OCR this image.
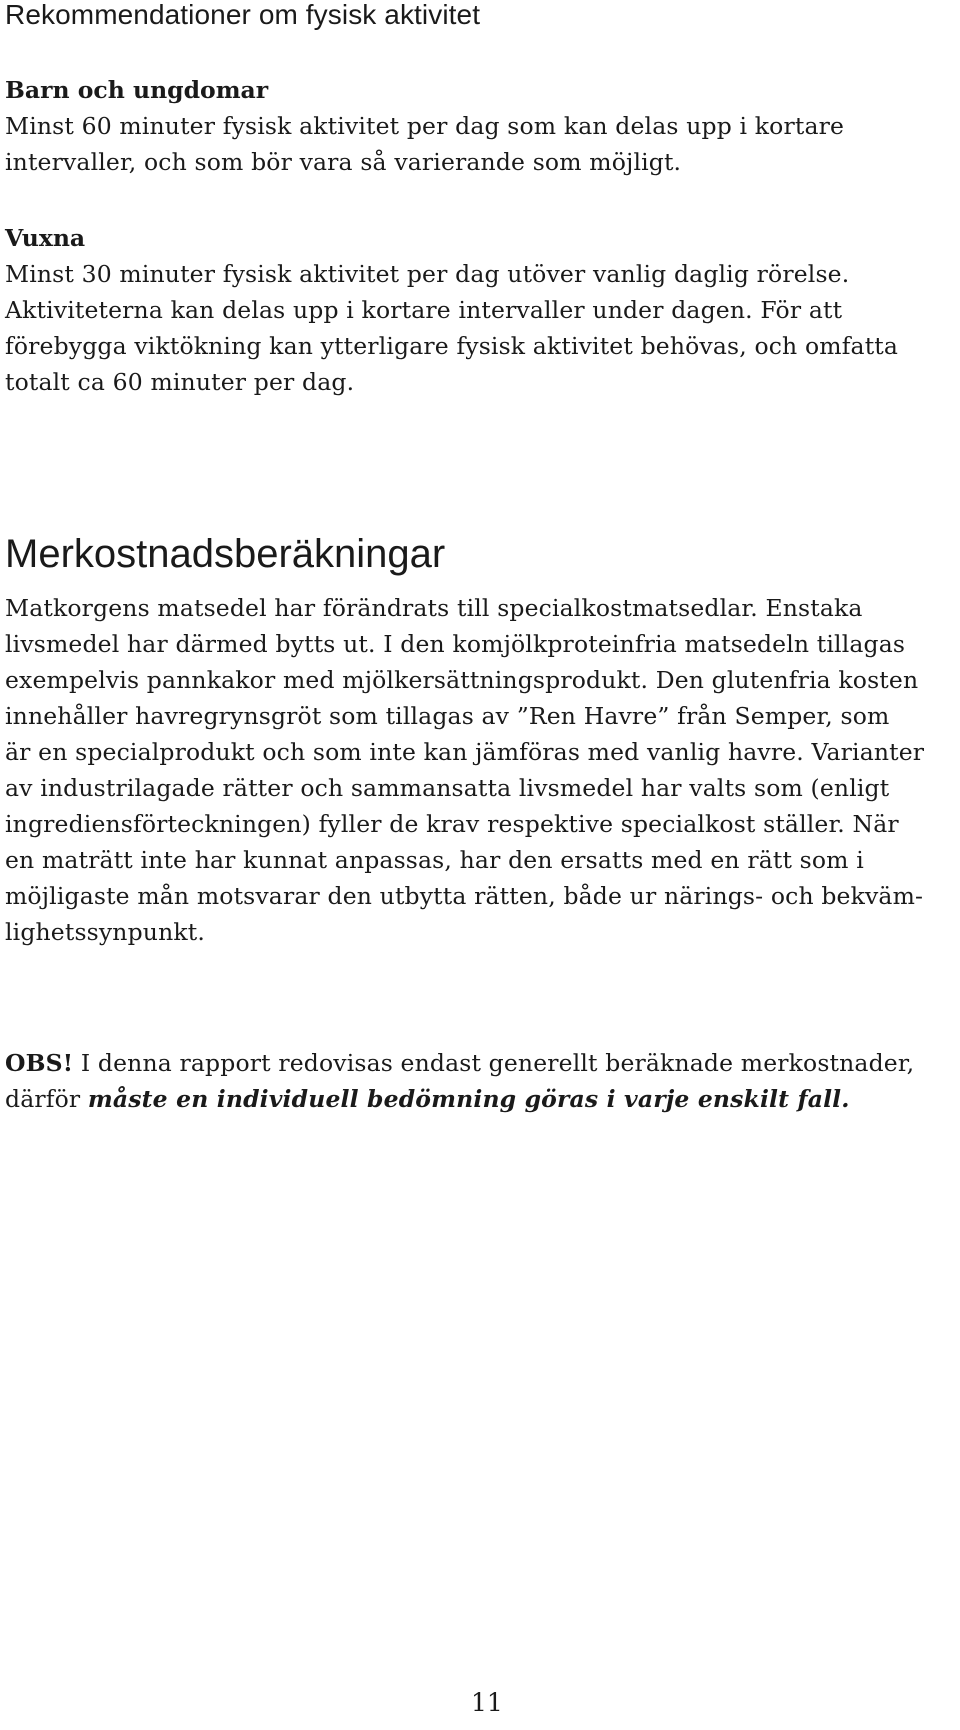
Rekommendationer om fysisk aktivitet

Barn och ungdomar

Minst 60 minuter fysisk aktivitet per dag som kan delas upp i kortare
intervaller, och som bör vara så varierande som möjligt.

Vuxna

Minst 30 minuter fysisk aktivitet per dag utöver vanlig daglig rörelse.
Aktiviteterna kan delas upp i kortare intervaller under dagen. För att
förebygga viktökning kan ytterligare fysisk aktivitet behövas, och omfatta
totalt ca 60 minuter per dag.

Merkostnadsberäkningar

Matkorgens matsedel har förändrats till specialkostmatsedlar. Enstaka
livsmedel har därmed bytts ut. I den komjölkproteinfria matsedeln tillagas
exempelvis pannkakor med mjölkersättningsprodukt. Den glutenfria kosten
innehåller havregrynsgröt som tillagas av ”Ren Havre” från Semper, som
är en specialprodukt och som inte kan jämföras med vanlig havre. Varianter
av industrilagade rätter och sammansatta livsmedel har valts som (enligt
ingrediensförteckningen) fyller de krav respektive specialkost ställer. När
en maträtt inte har kunnat anpassas, har den ersatts med en rätt som i
möjligaste mån motsvarar den utbytta rätten, både ur närings- och bekväm-
lighetssynpunkt.

OBS! I denna rapport redovisas endast generellt beräknade merkostnader,
därför måste en individuell bedömning göras i varje enskilt fall.

11
